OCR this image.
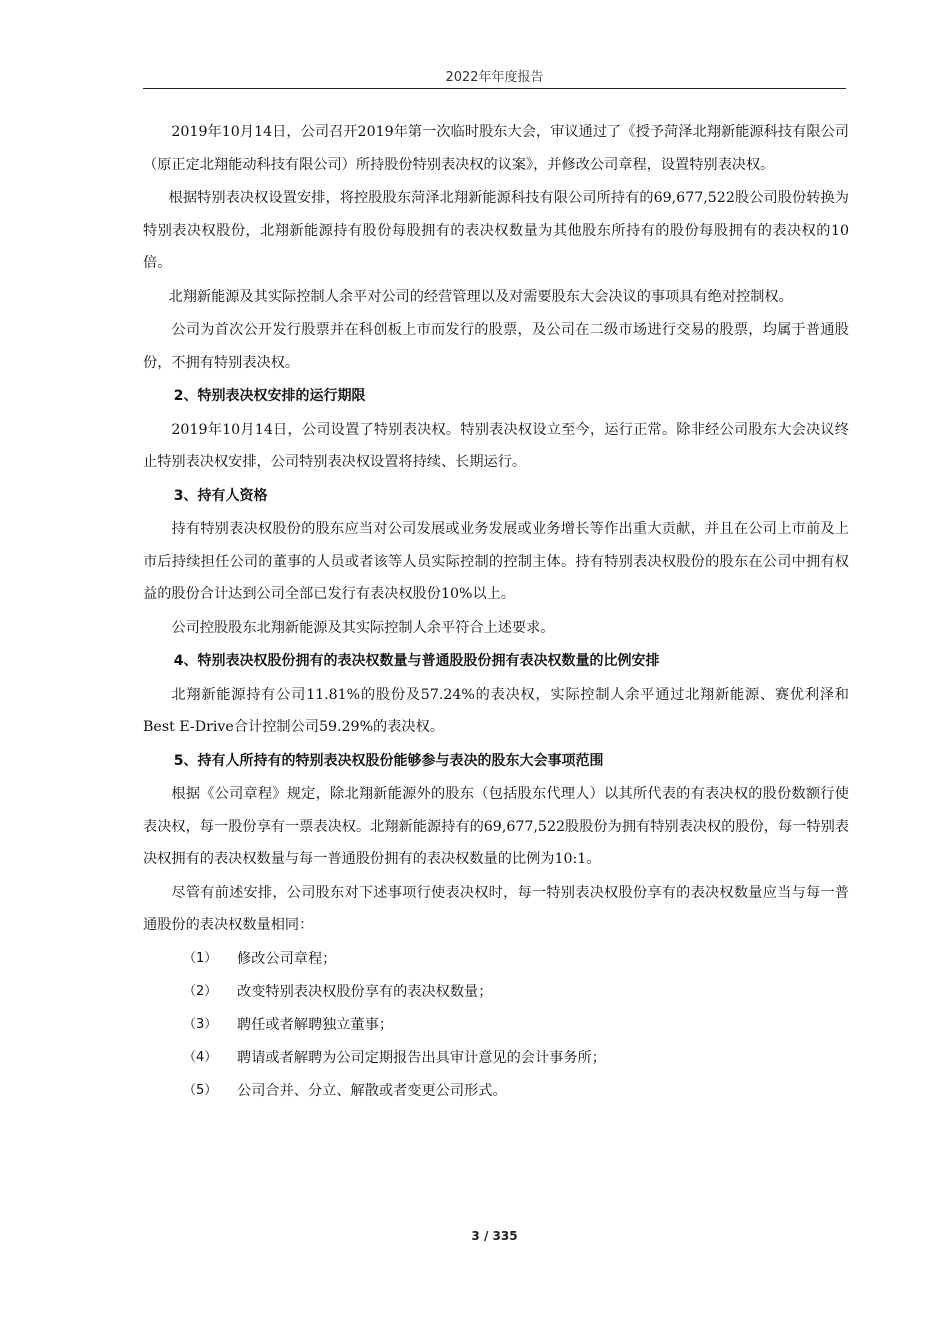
2022年年度报告

2019年10月14日，公司召开2019年第一次临时股东大会，审议通过了《授予菏泽北翔新能源科技有限公司（原正定北翔能动科技有限公司）所持股份特别表决权的议案》，并修改公司章程，设置特别表决权。

根据特别表决权设置安排，将控股股东菏泽北翔新能源科技有限公司所持有的69,677,522股公司股份转换为特别表决权股份，北翔新能源持有股份每股拥有的表决权数量为其他股东所持有的股份每股拥有的表决权的10倍。

北翔新能源及其实际控制人余平对公司的经营管理以及对需要股东大会决议的事项具有绝对控制权。

公司为首次公开发行股票并在科创板上市而发行的股票，及公司在二级市场进行交易的股票，均属于普通股份，不拥有特别表决权。

2、特别表决权安排的运行期限

2019年10月14日，公司设置了特别表决权。特别表决权设立至今，运行正常。除非经公司股东大会决议终止特别表决权安排，公司特别表决权设置将持续、长期运行。

3、持有人资格

持有特别表决权股份的股东应当对公司发展或业务发展或业务增长等作出重大贡献，并且在公司上市前及上市后持续担任公司的董事的人员或者该等人员实际控制的控制主体。持有特别表决权股份的股东在公司中拥有权益的股份合计达到公司全部已发行有表决权股份10%以上。

公司控股股东北翔新能源及其实际控制人余平符合上述要求。

4、特别表决权股份拥有的表决权数量与普通股股份拥有表决权数量的比例安排

北翔新能源持有公司11.81%的股份及57.24%的表决权，实际控制人余平通过北翔新能源、赛优利泽和Best E-Drive合计控制公司59.29%的表决权。

5、持有人所持有的特别表决权股份能够参与表决的股东大会事项范围

根据《公司章程》规定，除北翔新能源外的股东（包括股东代理人）以其所代表的有表决权的股份数额行使表决权，每一股份享有一票表决权。北翔新能源持有的69,677,522股股份为拥有特别表决权的股份，每一特别表决权拥有的表决权数量与每一普通股份拥有的表决权数量的比例为10:1。

尽管有前述安排，公司股东对下述事项行使表决权时，每一特别表决权股份享有的表决权数量应当与每一普通股份的表决权数量相同：

（1）	修改公司章程；
（2）	改变特别表决权股份享有的表决权数量；
（3）	聘任或者解聘独立董事；
（4）	聘请或者解聘为公司定期报告出具审计意见的会计事务所；
（5）	公司合并、分立、解散或者变更公司形式。
3 / 335
